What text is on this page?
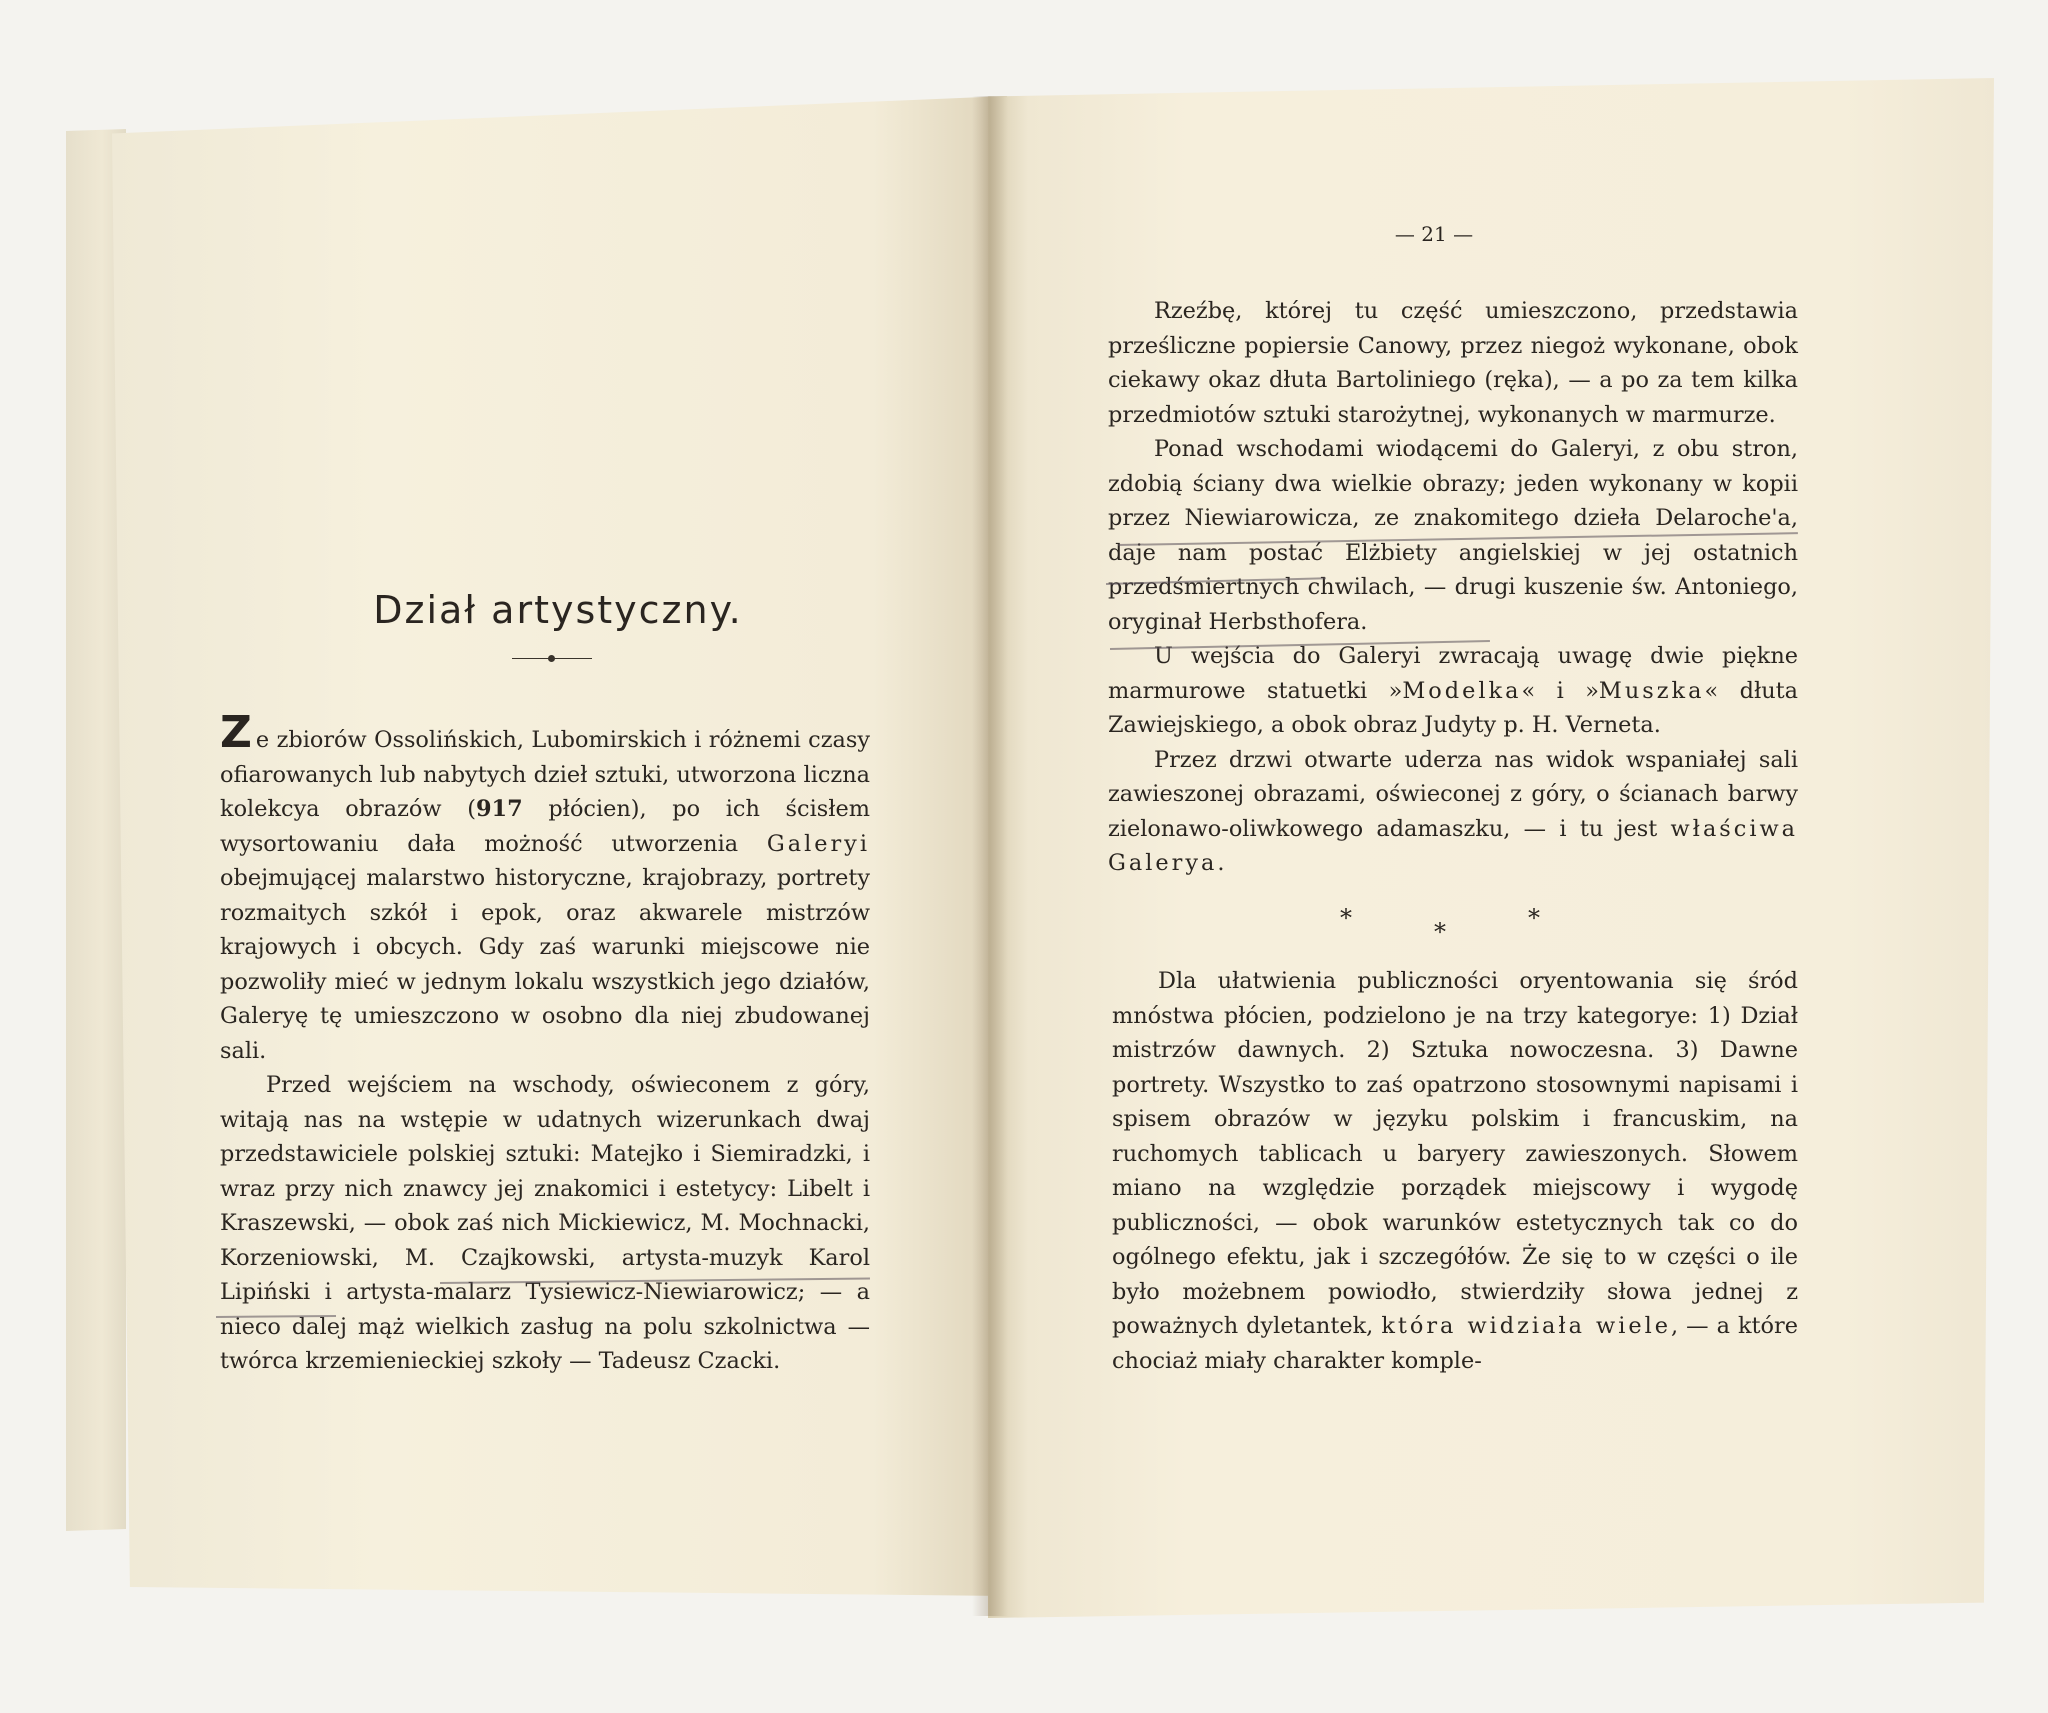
Dział artystyczny.

Ze zbiorów Ossolińskich, Lubomirskich i różnemi czasy ofiarowanych lub nabytych dzieł sztuki, utworzona liczna kolekcya obrazów (917 płócien), po ich ścisłem wysortowaniu dała możność utworzenia Galeryi obejmującej malarstwo historyczne, krajobrazy, portrety rozmaitych szkół i epok, oraz akwarele mistrzów krajowych i obcych. Gdy zaś warunki miejscowe nie pozwoliły mieć w jednym lokalu wszystkich jego działów, Galeryę tę umieszczono w osobno dla niej zbudowanej sali.

Przed wejściem na wschody, oświeconem z góry, witają nas na wstępie w udatnych wizerunkach dwaj przedstawiciele polskiej sztuki: Matejko i Siemiradzki, i wraz przy nich znawcy jej znakomici i estetycy: Libelt i Kraszewski, — obok zaś nich Mickiewicz, M. Mochnacki, Korzeniowski, M. Czajkowski, artysta-muzyk Karol Lipiński i artysta-malarz Tysiewicz-Niewiarowicz; — a nieco dalej mąż wielkich zasług na polu szkolnictwa — twórca krzemienieckiej szkoły — Tadeusz Czacki.

— 21 —

Rzeźbę, której tu część umieszczono, przedstawia prześliczne popiersie Canowy, przez niegoż wykonane, obok ciekawy okaz dłuta Bartoliniego (ręka), — a po za tem kilka przedmiotów sztuki starożytnej, wykonanych w marmurze.

Ponad wschodami wiodącemi do Galeryi, z obu stron, zdobią ściany dwa wielkie obrazy; jeden wykonany w kopii przez Niewiarowicza, ze znakomitego dzieła Delaroche'a, daje nam postać Elżbiety angielskiej w jej ostatnich przedśmiertnych chwilach, — drugi kuszenie św. Antoniego, oryginał Herbsthofera.

U wejścia do Galeryi zwracają uwagę dwie piękne marmurowe statuetki »Modelka« i »Muszka« dłuta Zawiejskiego, a obok obraz Judyty p. H. Verneta.

Przez drzwi otwarte uderza nas widok wspaniałej sali zawieszonej obrazami, oświeconej z góry, o ścianach barwy zielonawo-oliwkowego adamaszku, — i tu jest właściwa Galerya.

*	*	*

Dla ułatwienia publiczności oryentowania się śród mnóstwa płócien, podzielono je na trzy kategorye: 1) Dział mistrzów dawnych. 2) Sztuka nowoczesna. 3) Dawne portrety. Wszystko to zaś opatrzono stosownymi napisami i spisem obrazów w języku polskim i francuskim, na ruchomych tablicach u baryery zawieszonych. Słowem miano na względzie porządek miejscowy i wygodę publiczności, — obok warunków estetycznych tak co do ogólnego efektu, jak i szczegółów. Że się to w części o ile było możebnem powiodło, stwierdziły słowa jednej z poważnych dyletantek, która widziała wiele, — a które chociaż miały charakter komple-
